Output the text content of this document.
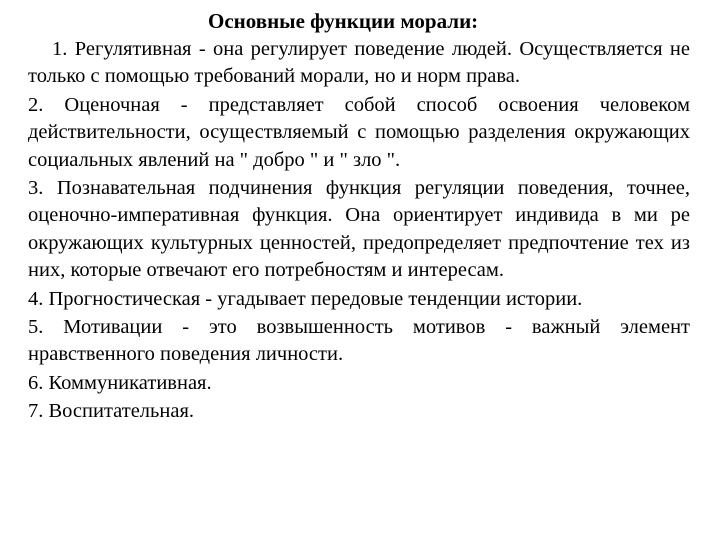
Основные функции морали:

1. Регулятивная - она регулирует поведение людей. Осуществляется не только с помощью требований морали, но и норм права.

2. Оценочная - представляет собой способ освоения человеком действительности, осуществляемый с помощью разделения окружающих социальных явлений на " добро " и " зло ".

3. Познавательная подчинения функция регуляции поведения, точнее, оценочно-императивная функция. Она ориентирует индивида в ми ре окружающих культурных ценностей, предопределяет предпочтение тех из них, которые отвечают его потребностям и интересам.

4. Прогностическая - угадывает передовые тенденции истории.

5. Мотивации - это возвышенность мотивов - важный элемент нравственного поведения личности.

6. Коммуникативная.

7. Воспитательная.
